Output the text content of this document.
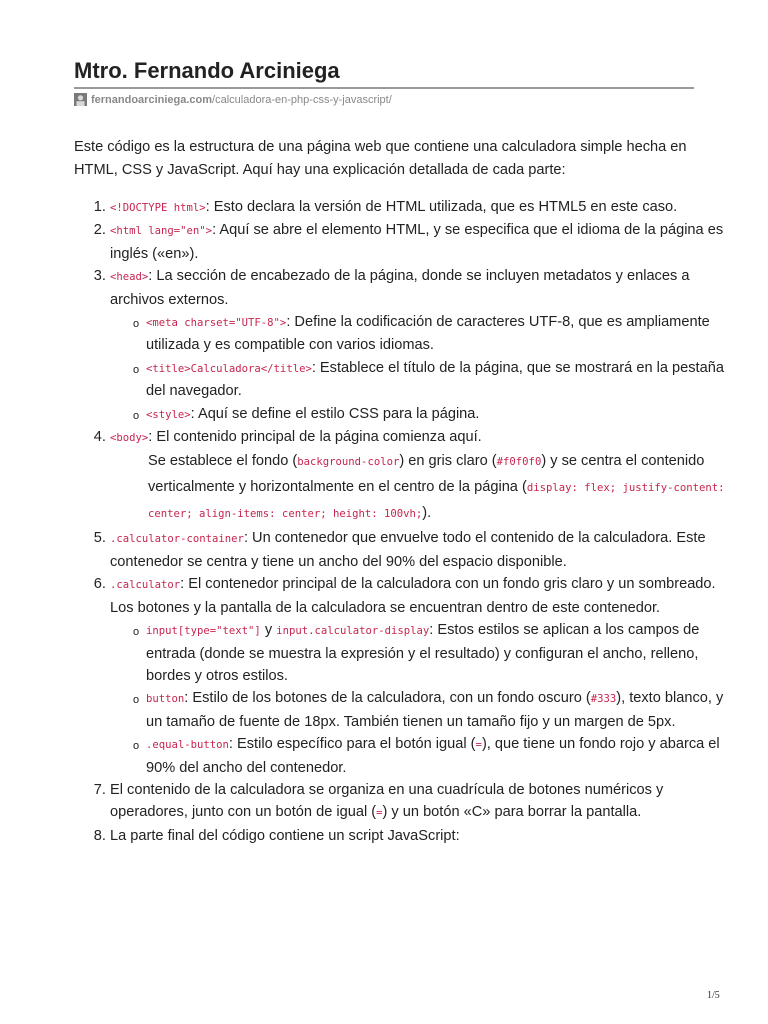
Mtro. Fernando Arciniega
fernandoarciniega.com /calculadora-en-php-css-y-javascript/

Este código es la estructura de una página web que contiene una calculadora simple hecha en HTML, CSS y JavaScript. Aquí hay una explicación detallada de cada parte:

1. <!DOCTYPE html>: Esto declara la versión de HTML utilizada, que es HTML5 en este caso.
2. <html lang="en">: Aquí se abre el elemento HTML, y se especifica que el idioma de la página es inglés («en»).
3. <head>: La sección de encabezado de la página, donde se incluyen metadatos y enlaces a archivos externos.
o <meta charset="UTF-8">: Define la codificación de caracteres UTF-8, que es ampliamente utilizada y es compatible con varios idiomas.
o <title>Calculadora</title>: Establece el título de la página, que se mostrará en la pestaña del navegador.
o <style>: Aquí se define el estilo CSS para la página.
4. <body>: El contenido principal de la página comienza aquí.
Se establece el fondo (background-color) en gris claro (#f0f0f0) y se centra el contenido verticalmente y horizontalmente en el centro de la página (display: flex; justify-content: center; align-items: center; height: 100vh;).
5. .calculator-container: Un contenedor que envuelve todo el contenido de la calculadora. Este contenedor se centra y tiene un ancho del 90% del espacio disponible.
6. .calculator: El contenedor principal de la calculadora con un fondo gris claro y un sombreado. Los botones y la pantalla de la calculadora se encuentran dentro de este contenedor.
o input[type="text"] y input.calculator-display: Estos estilos se aplican a los campos de entrada (donde se muestra la expresión y el resultado) y configuran el ancho, relleno, bordes y otros estilos.
o button: Estilo de los botones de la calculadora, con un fondo oscuro (#333), texto blanco, y un tamaño de fuente de 18px. También tienen un tamaño fijo y un margen de 5px.
o .equal-button: Estilo específico para el botón igual (=), que tiene un fondo rojo y abarca el 90% del ancho del contenedor.
7. El contenido de la calculadora se organiza en una cuadrícula de botones numéricos y operadores, junto con un botón de igual (=) y un botón «C» para borrar la pantalla.
8. La parte final del código contiene un script JavaScript:
1/5
